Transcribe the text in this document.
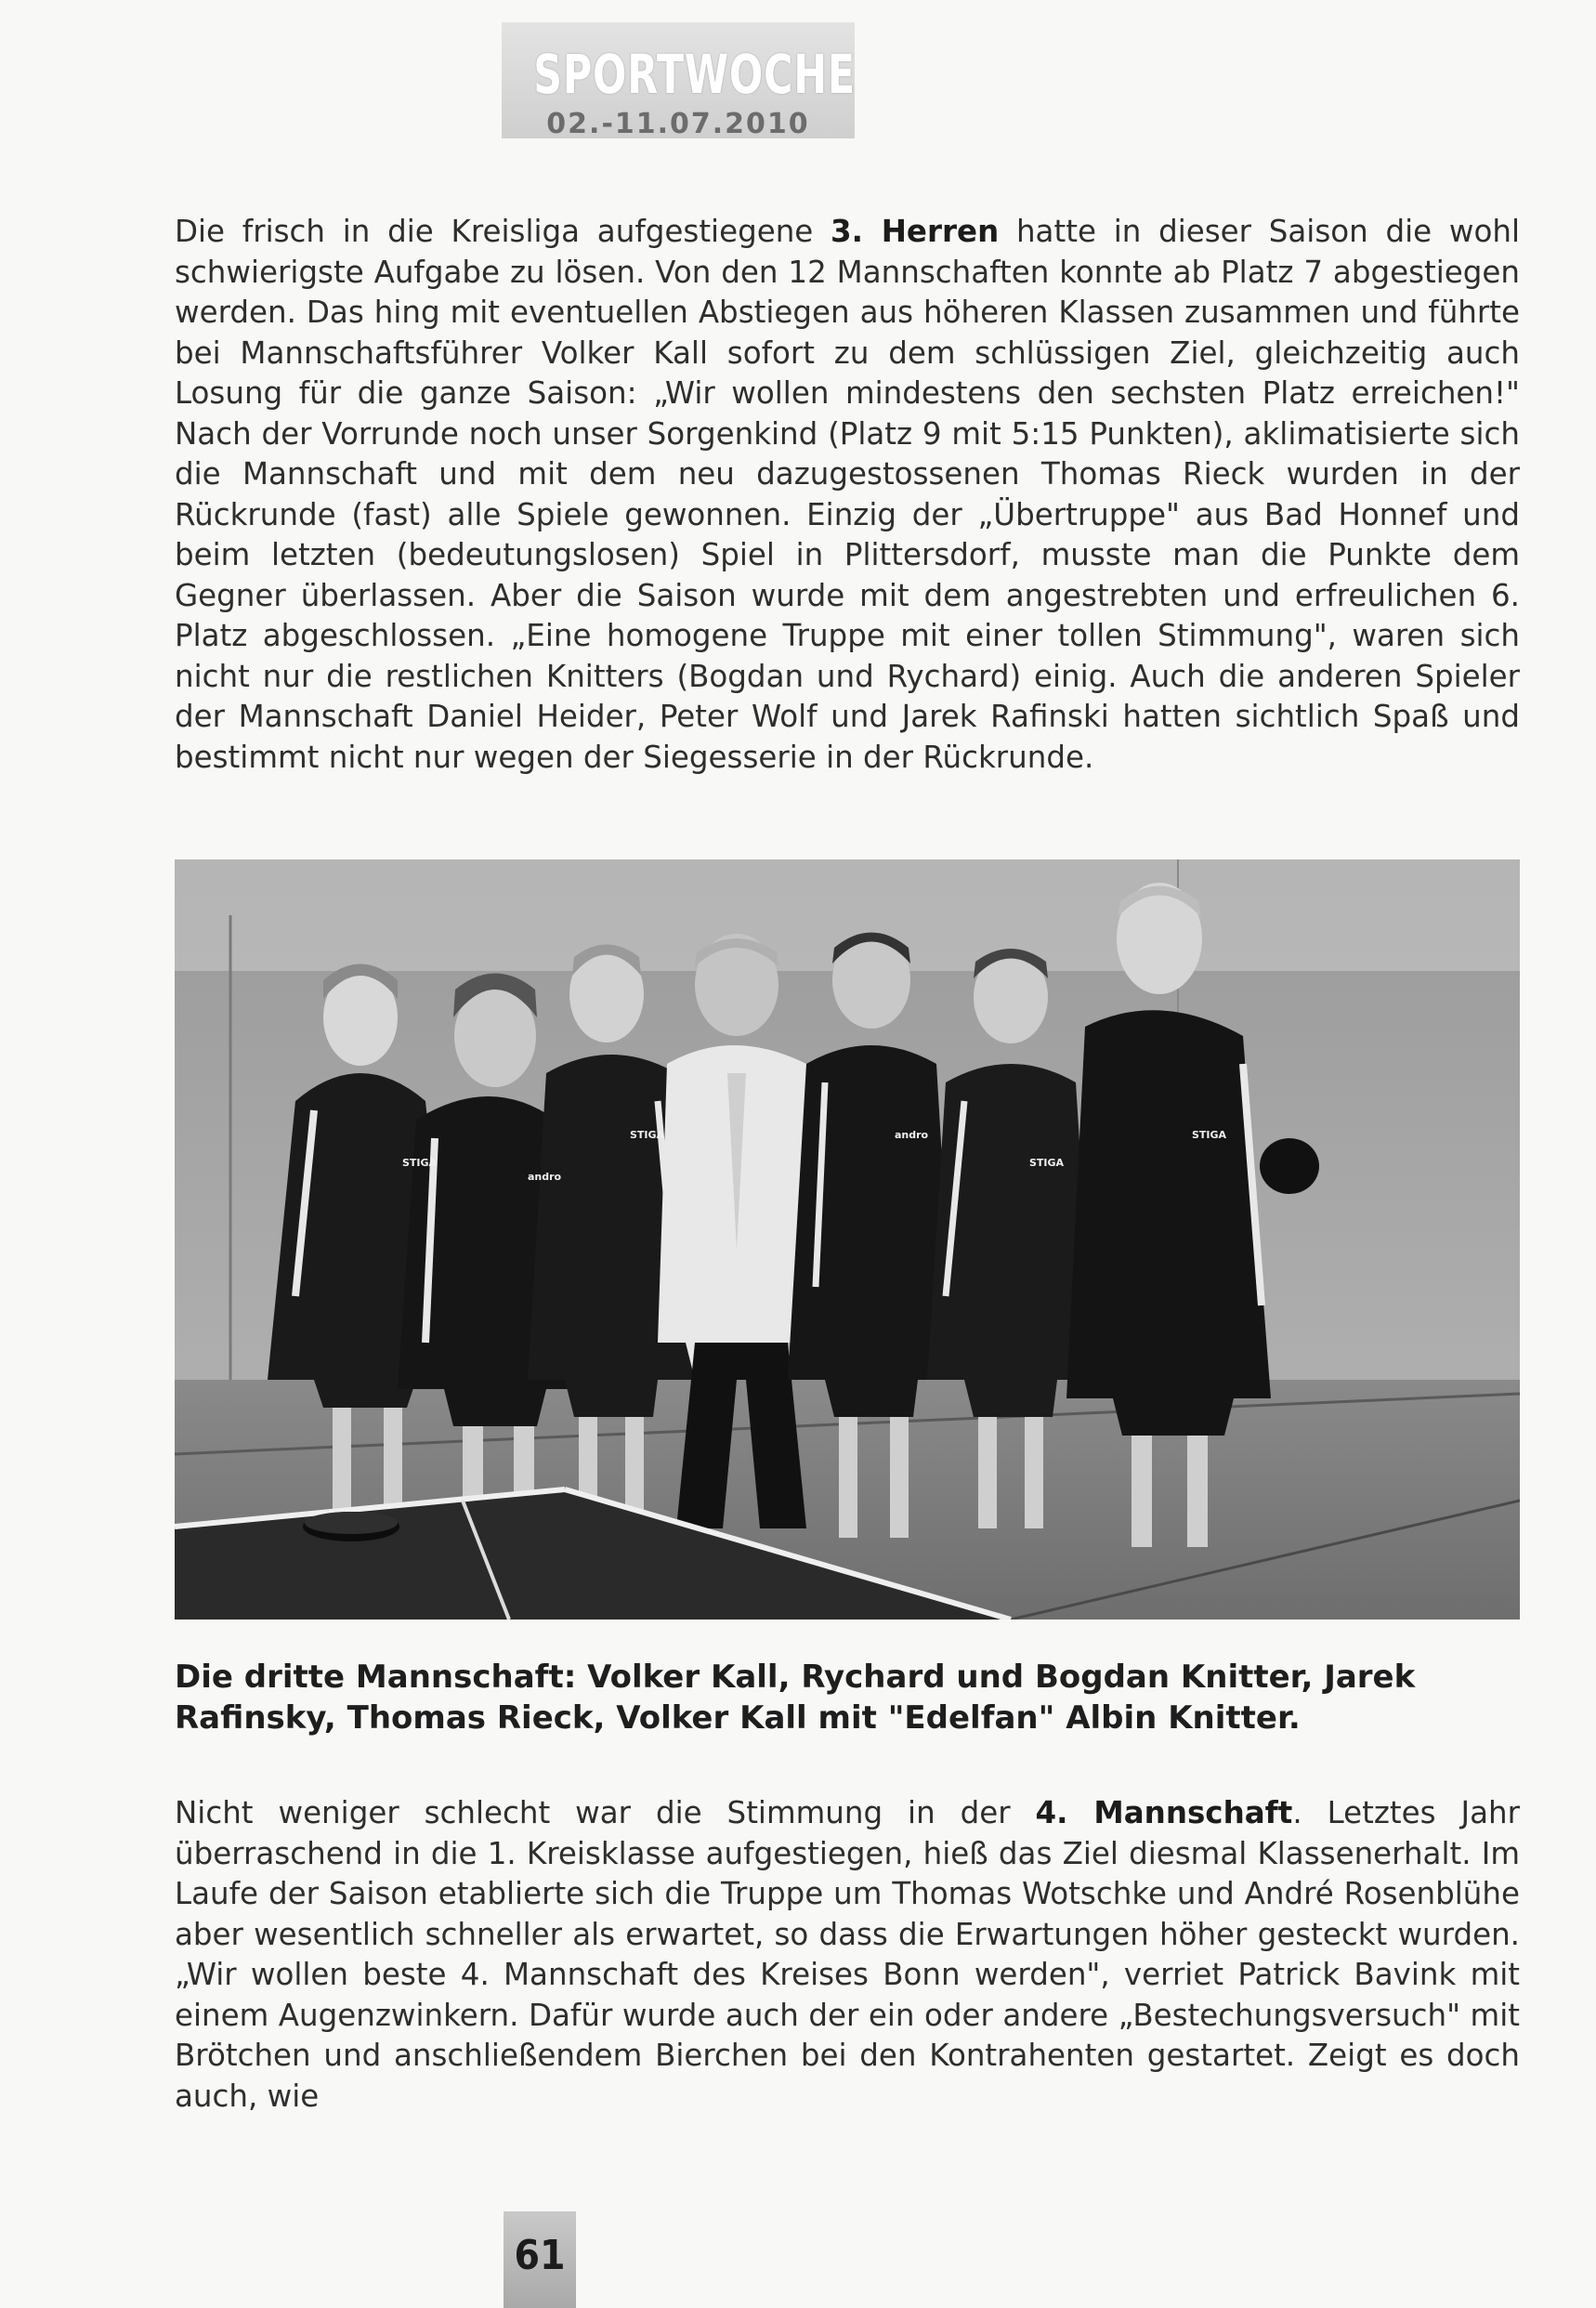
SPORTWOCHE
02.-11.07.2010

Die frisch in die Kreisliga aufgestiegene 3. Herren hatte in dieser Saison die wohl schwierigste Aufgabe zu lösen. Von den 12 Mannschaften konnte ab Platz 7 abgestiegen werden. Das hing mit eventuellen Abstiegen aus höheren Klassen zusammen und führte bei Mannschaftsführer Volker Kall sofort zu dem schlüssigen Ziel, gleichzeitig auch Losung für die ganze Saison: „Wir wollen mindestens den sechsten Platz erreichen!" Nach der Vorrunde noch unser Sorgenkind (Platz 9 mit 5:15 Punkten), aklimatisierte sich die Mannschaft und mit dem neu dazugestossenen Thomas Rieck wurden in der Rückrunde (fast) alle Spiele gewonnen. Einzig der „Übertruppe" aus Bad Honnef und beim letzten (bedeutungslosen) Spiel in Plittersdorf, musste man die Punkte dem Gegner überlassen. Aber die Saison wurde mit dem angestrebten und erfreulichen 6. Platz abgeschlossen. „Eine homogene Truppe mit einer tollen Stimmung", waren sich nicht nur die restlichen Knitters (Bogdan und Rychard) einig. Auch die anderen Spieler der Mannschaft Daniel Heider, Peter Wolf und Jarek Rafinski hatten sichtlich Spaß und bestimmt nicht nur wegen der Siegesserie in der Rückrunde.

STIGA
andro
STIGA	andro
STIGA
STIGA
Die dritte Mannschaft: Volker Kall, Rychard und Bogdan Knitter, Jarek Rafinsky, Thomas Rieck, Volker Kall mit "Edelfan" Albin Knitter.

Nicht weniger schlecht war die Stimmung in der 4. Mannschaft. Letztes Jahr überraschend in die 1. Kreisklasse aufgestiegen, hieß das Ziel diesmal Klassenerhalt. Im Laufe der Saison etablierte sich die Truppe um Thomas Wotschke und André Rosenblühe aber wesentlich schneller als erwartet, so dass die Erwartungen höher gesteckt wurden. „Wir wollen beste 4. Mannschaft des Kreises Bonn werden", verriet Patrick Bavink mit einem Augenzwinkern. Dafür wurde auch der ein oder andere „Bestechungsversuch" mit Brötchen und anschließendem Bierchen bei den Kontrahenten gestartet. Zeigt es doch auch, wie

61
